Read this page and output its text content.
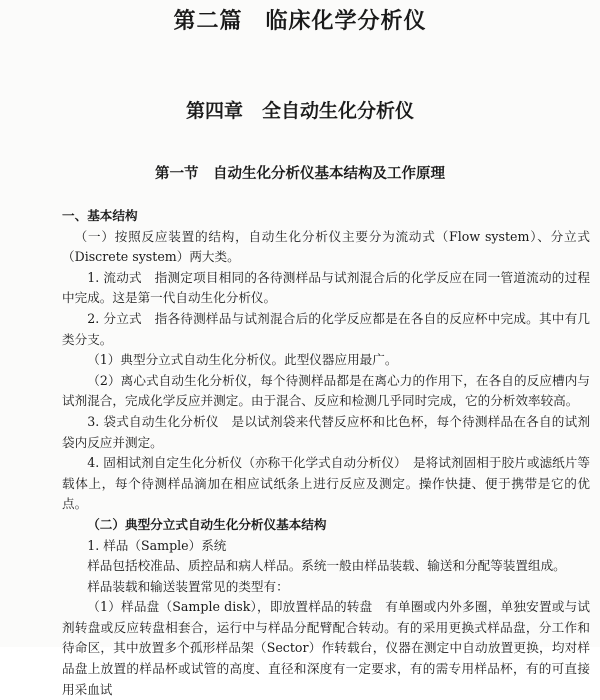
第二篇　临床化学分析仪
第四章　全自动生化分析仪
第一节　自动生化分析仪基本结构及工作原理

一、基本结构

（一）按照反应装置的结构，自动生化分析仪主要分为流动式（Flow system）、分立式（Discrete system）两大类。

1. 流动式　指测定项目相同的各待测样品与试剂混合后的化学反应在同一管道流动的过程中完成。这是第一代自动生化分析仪。

2. 分立式　指各待测样品与试剂混合后的化学反应都是在各自的反应杯中完成。其中有几类分支。

（1）典型分立式自动生化分析仪。此型仪器应用最广。

（2）离心式自动生化分析仪，每个待测样品都是在离心力的作用下，在各自的反应槽内与试剂混合，完成化学反应并测定。由于混合、反应和检测几乎同时完成，它的分析效率较高。

3. 袋式自动生化分析仪　是以试剂袋来代替反应杯和比色杯，每个待测样品在各自的试剂袋内反应并测定。

4. 固相试剂自定生化分析仪（亦称干化学式自动分析仪）　是将试剂固相于胶片或滤纸片等载体上，每个待测样品滴加在相应试纸条上进行反应及测定。操作快捷、便于携带是它的优点。

（二）典型分立式自动生化分析仪基本结构

1. 样品（Sample）系统

样品包括校准品、质控品和病人样品。系统一般由样品装载、输送和分配等装置组成。

样品装载和输送装置常见的类型有：

（1）样品盘（Sample disk），即放置样品的转盘　有单圈或内外多圈，单独安置或与试剂转盘或反应转盘相套合，运行中与样品分配臂配合转动。有的采用更换式样品盘，分工作和待命区，其中放置多个孤形样品架（Sector）作转载台，仪器在测定中自动放置更换，均对样品盘上放置的样品杯或试管的高度、直径和深度有一定要求，有的需专用样品杯，有的可直接用采血试
